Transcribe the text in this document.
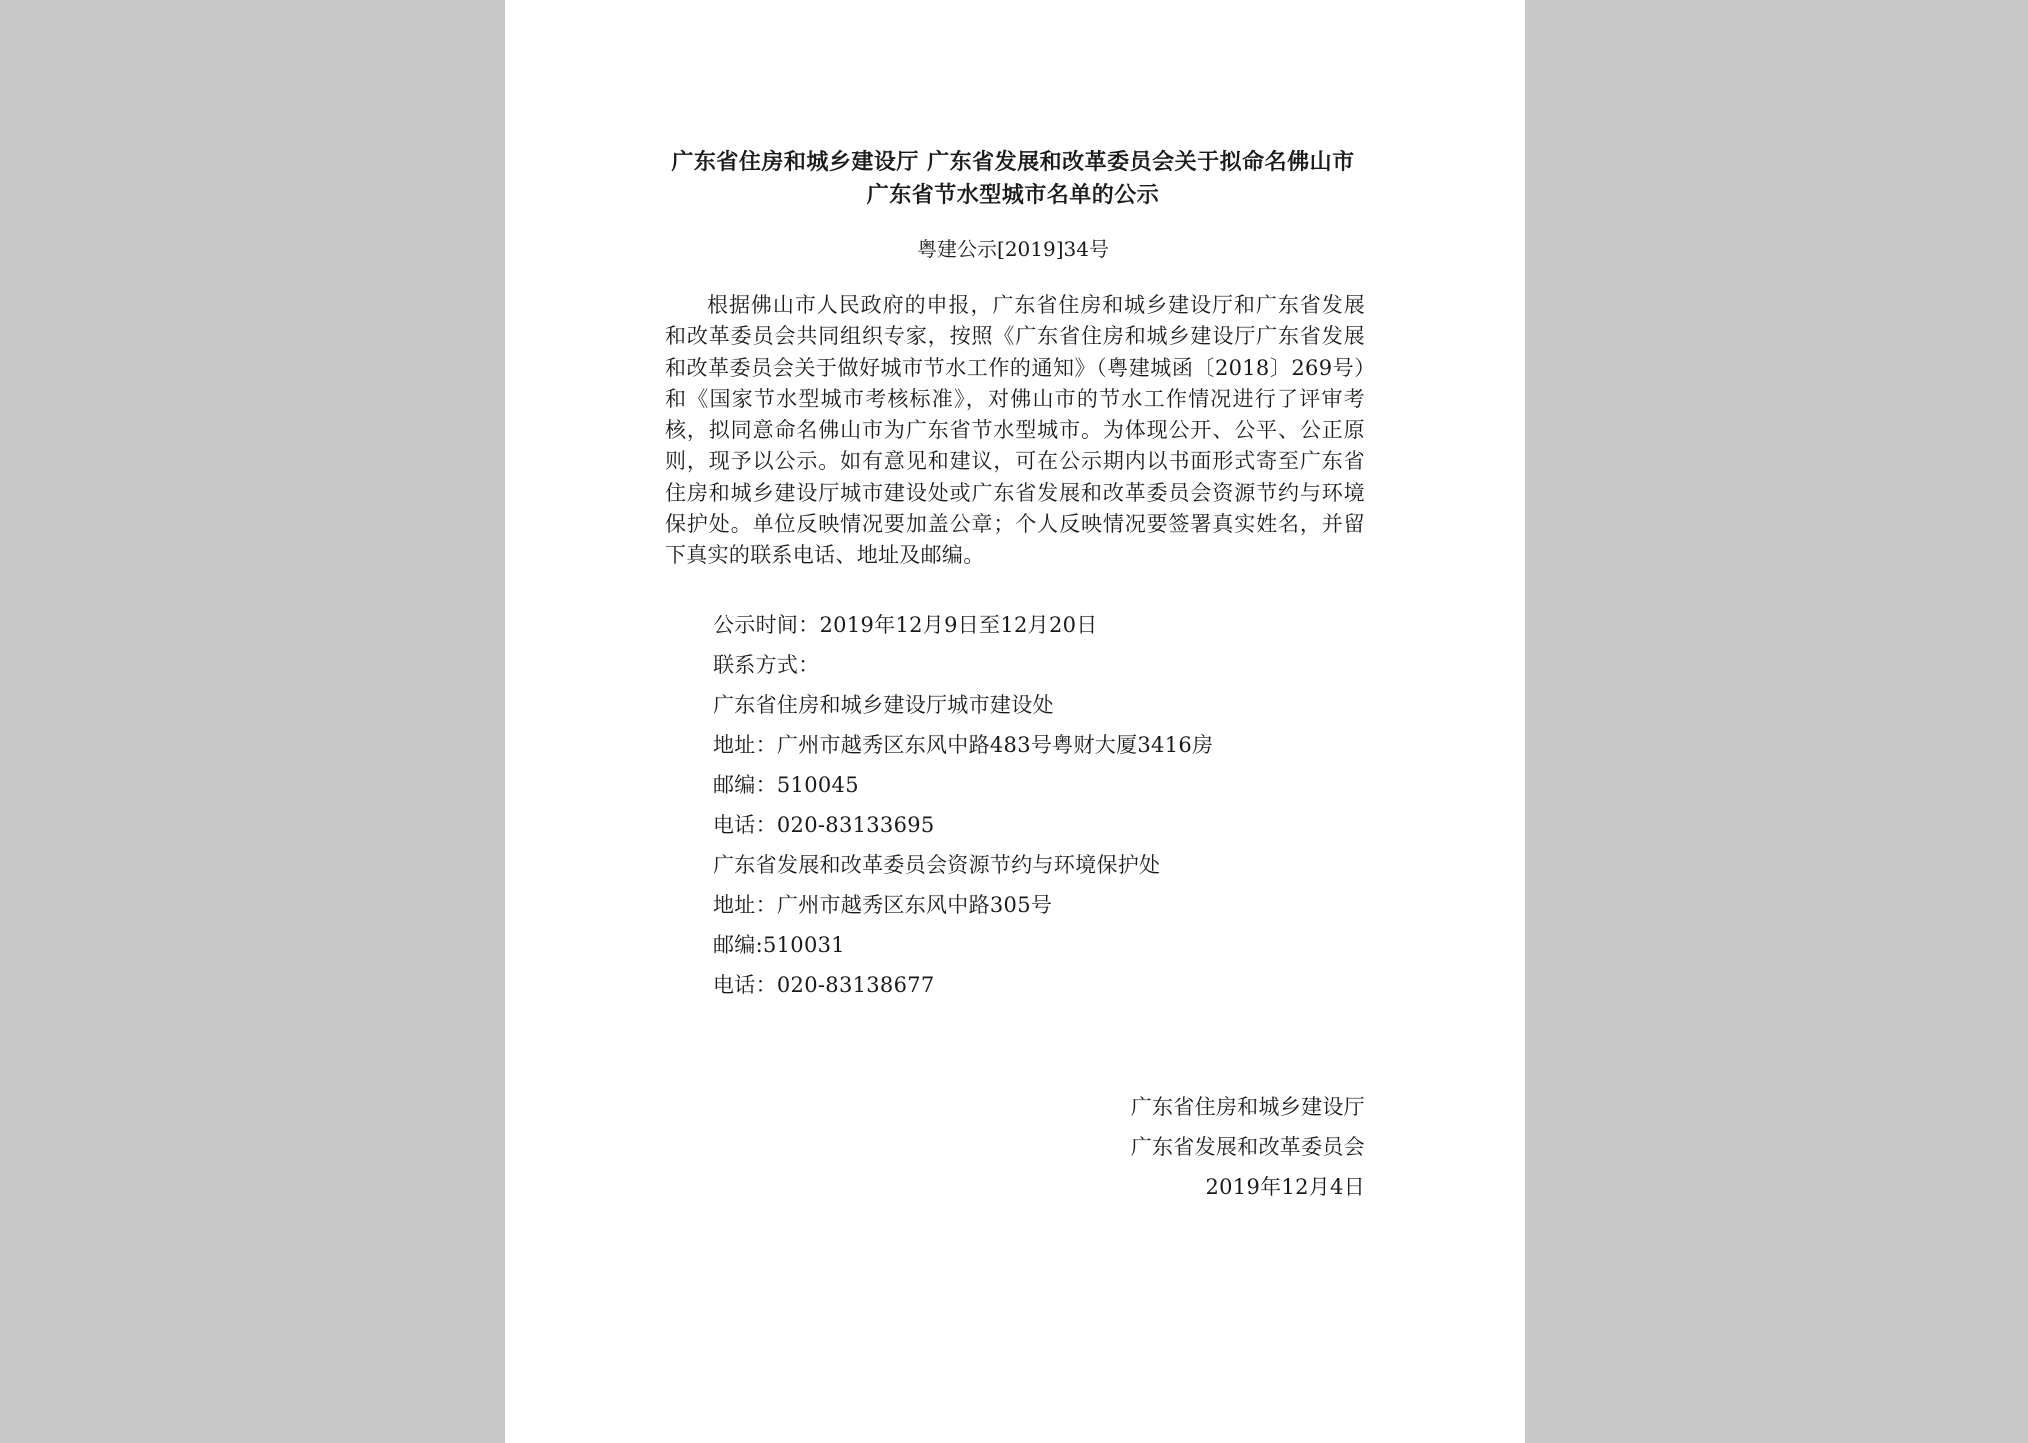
广东省住房和城乡建设厅 广东省发展和改革委员会关于拟命名佛山市广东省节水型城市名单的公示
粤建公示[2019]34号

根据佛山市人民政府的申报，广东省住房和城乡建设厅和广东省发展和改革委员会共同组织专家，按照《广东省住房和城乡建设厅广东省发展和改革委员会关于做好城市节水工作的通知》（粤建城函〔2018〕269号）和《国家节水型城市考核标准》，对佛山市的节水工作情况进行了评审考核，拟同意命名佛山市为广东省节水型城市。为体现公开、公平、公正原则，现予以公示。如有意见和建议，可在公示期内以书面形式寄至广东省住房和城乡建设厅城市建设处或广东省发展和改革委员会资源节约与环境保护处。单位反映情况要加盖公章；个人反映情况要签署真实姓名，并留下真实的联系电话、地址及邮编。

公示时间：2019年12月9日至12月20日
联系方式：
广东省住房和城乡建设厅城市建设处
地址：广州市越秀区东风中路483号粤财大厦3416房
邮编：510045
电话：020-83133695
广东省发展和改革委员会资源节约与环境保护处
地址：广州市越秀区东风中路305号
邮编:510031
电话：020-83138677
广东省住房和城乡建设厅
广东省发展和改革委员会
2019年12月4日
